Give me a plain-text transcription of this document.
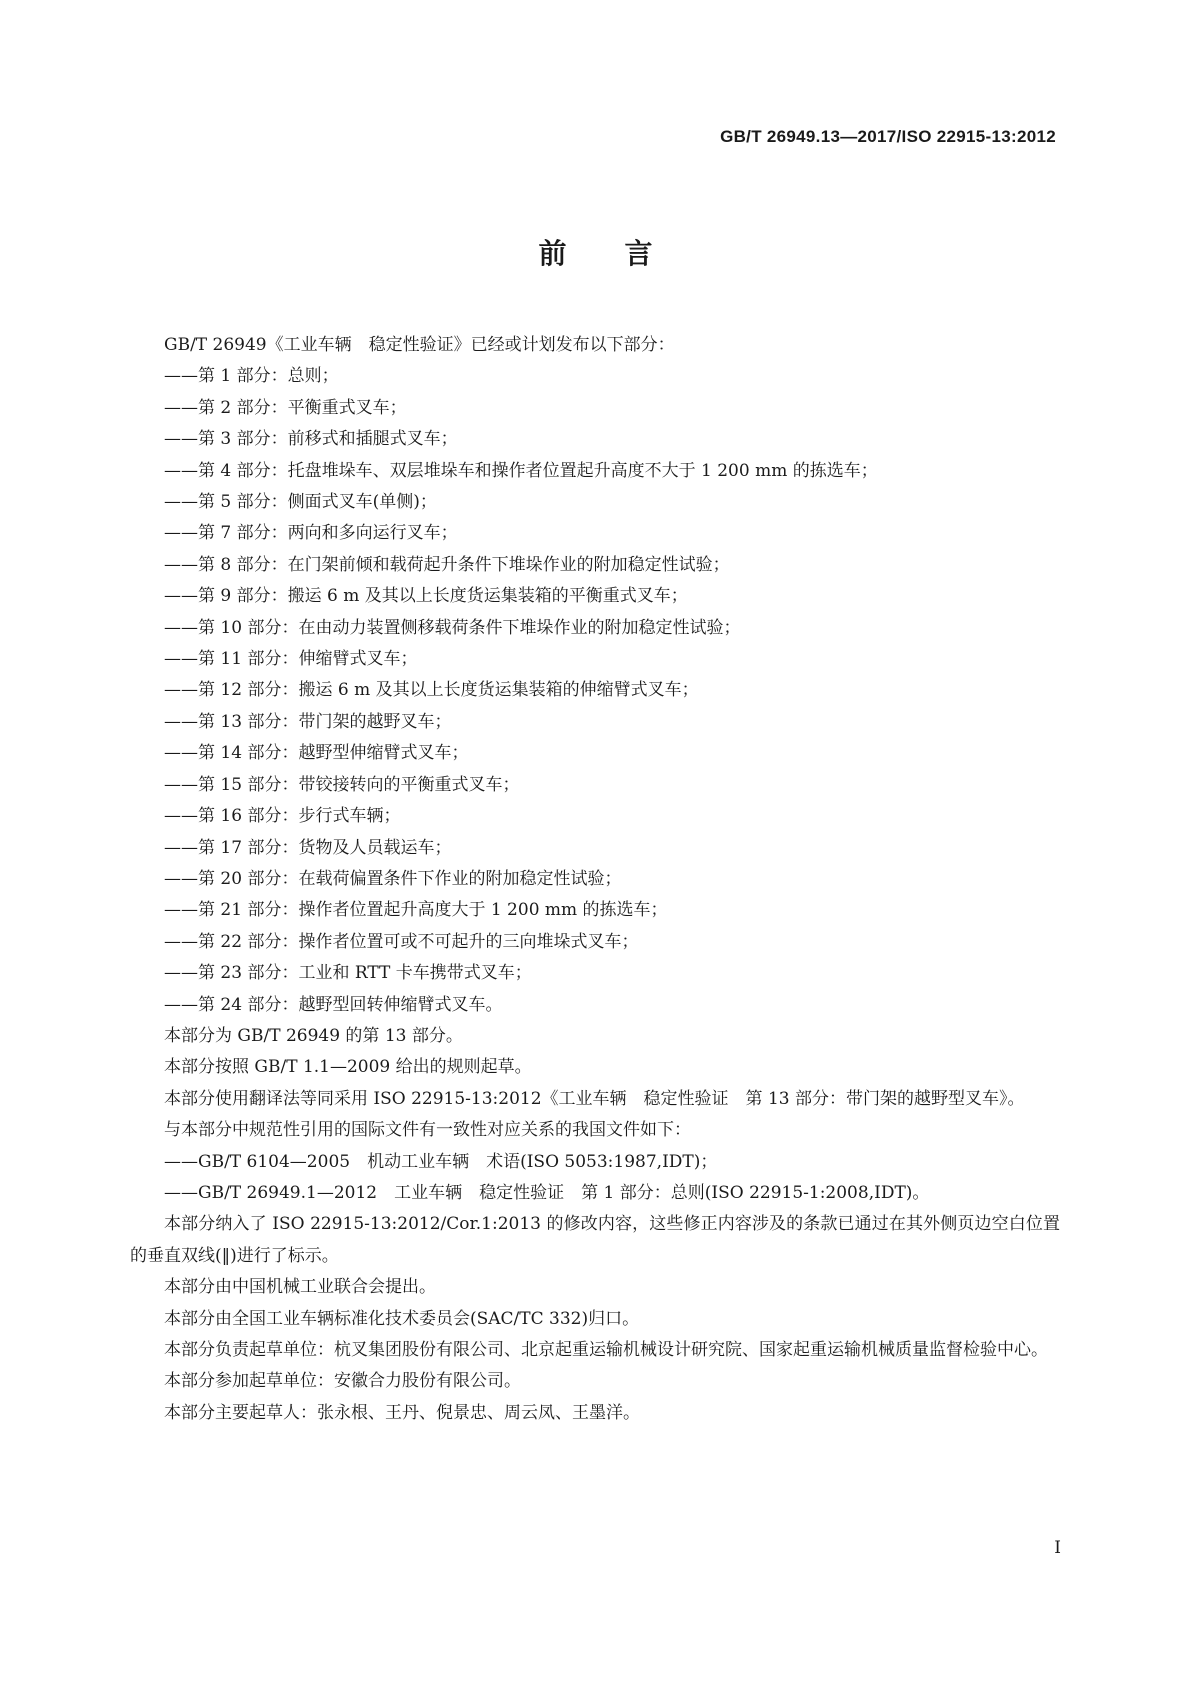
GB/T 26949.13—2017/ISO 22915-13:2012
前言

GB/T 26949《工业车辆　稳定性验证》已经或计划发布以下部分：

——第 1 部分：总则；

——第 2 部分：平衡重式叉车；

——第 3 部分：前移式和插腿式叉车；

——第 4 部分：托盘堆垛车、双层堆垛车和操作者位置起升高度不大于 1 200 mm 的拣选车；

——第 5 部分：侧面式叉车(单侧)；

——第 7 部分：两向和多向运行叉车；

——第 8 部分：在门架前倾和载荷起升条件下堆垛作业的附加稳定性试验；

——第 9 部分：搬运 6 m 及其以上长度货运集装箱的平衡重式叉车；

——第 10 部分：在由动力装置侧移载荷条件下堆垛作业的附加稳定性试验；

——第 11 部分：伸缩臂式叉车；

——第 12 部分：搬运 6 m 及其以上长度货运集装箱的伸缩臂式叉车；

——第 13 部分：带门架的越野叉车；

——第 14 部分：越野型伸缩臂式叉车；

——第 15 部分：带铰接转向的平衡重式叉车；

——第 16 部分：步行式车辆；

——第 17 部分：货物及人员载运车；

——第 20 部分：在载荷偏置条件下作业的附加稳定性试验；

——第 21 部分：操作者位置起升高度大于 1 200 mm 的拣选车；

——第 22 部分：操作者位置可或不可起升的三向堆垛式叉车；

——第 23 部分：工业和 RTT 卡车携带式叉车；

——第 24 部分：越野型回转伸缩臂式叉车。

本部分为 GB/T 26949 的第 13 部分。

本部分按照 GB/T 1.1—2009 给出的规则起草。

本部分使用翻译法等同采用 ISO 22915-13:2012《工业车辆　稳定性验证　第 13 部分：带门架的越野型叉车》。

与本部分中规范性引用的国际文件有一致性对应关系的我国文件如下：

——GB/T 6104—2005　机动工业车辆　术语(ISO 5053:1987,IDT)；

——GB/T 26949.1—2012　工业车辆　稳定性验证　第 1 部分：总则(ISO 22915-1:2008,IDT)。

本部分纳入了 ISO 22915-13:2012/Cor.1:2013 的修改内容，这些修正内容涉及的条款已通过在其外侧页边空白位置的垂直双线(‖)进行了标示。

本部分由中国机械工业联合会提出。

本部分由全国工业车辆标准化技术委员会(SAC/TC 332)归口。

本部分负责起草单位：杭叉集团股份有限公司、北京起重运输机械设计研究院、国家起重运输机械质量监督检验中心。

本部分参加起草单位：安徽合力股份有限公司。

本部分主要起草人：张永根、王丹、倪景忠、周云凤、王墨洋。

I
